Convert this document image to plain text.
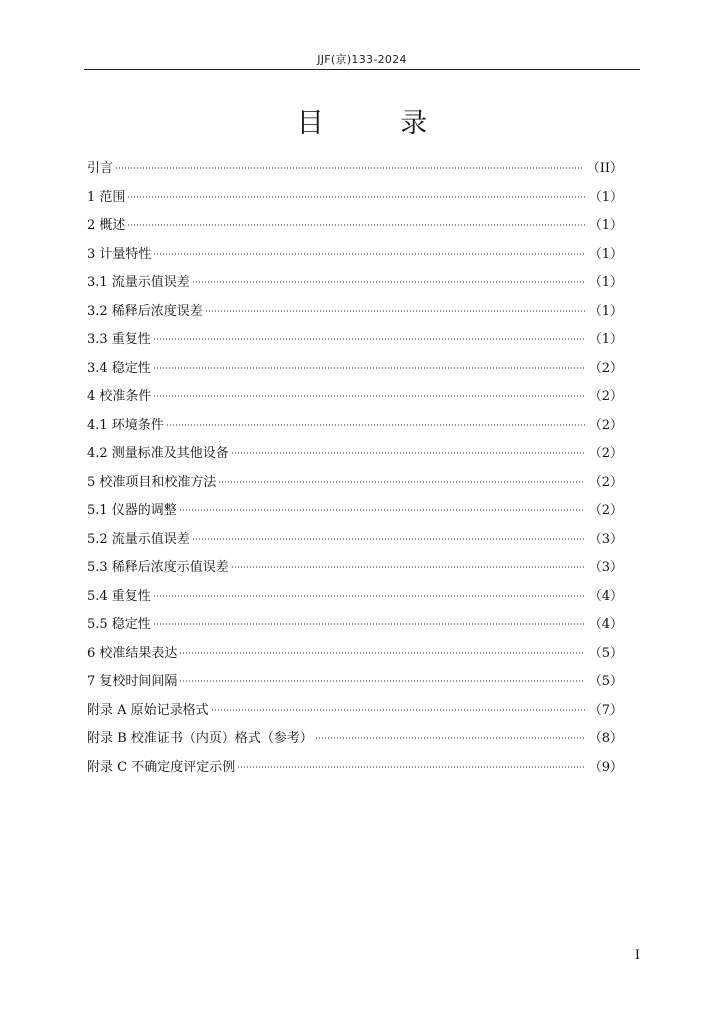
JJF(京)133-2024
目 录
引言	（II）
1 范围	（1）
2 概述	（1）
3 计量特性	（1）
3.1 流量示值误差	（1）
3.2 稀释后浓度误差	（1）
3.3 重复性	（1）
3.4 稳定性	（2）
4 校准条件	（2）
4.1 环境条件	（2）
4.2 测量标准及其他设备	（2）
5 校准项目和校准方法	（2）
5.1 仪器的调整	（2）
5.2 流量示值误差	（3）
5.3 稀释后浓度示值误差	（3）
5.4 重复性	（4）
5.5 稳定性	（4）
6 校准结果表达	（5）
7 复校时间间隔	（5）
附录 A 原始记录格式	（7）
附录 B 校准证书（内页）格式（参考）	（8）
附录 C 不确定度评定示例	（9）
I
